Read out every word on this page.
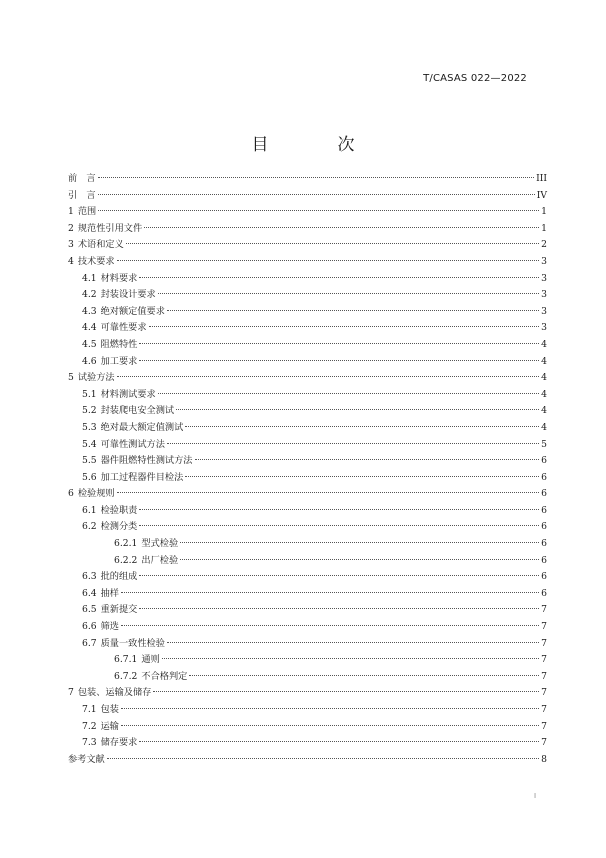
T/CASAS 022—2022
目　次
前　言	III
引　言	IV
1 范围	1
2 规范性引用文件	1
3 术语和定义	2
4 技术要求	3
4.1 材料要求	3
4.2 封装设计要求	3
4.3 绝对额定值要求	3
4.4 可靠性要求	3
4.5 阻燃特性	4
4.6 加工要求	4
5 试验方法	4
5.1 材料测试要求	4
5.2 封装爬电安全测试	4
5.3 绝对最大额定值测试	4
5.4 可靠性测试方法	5
5.5 器件阻燃特性测试方法	6
5.6 加工过程器件目检法	6
6 检验规则	6
6.1 检验职责	6
6.2 检测分类	6
6.2.1 型式检验	6
6.2.2 出厂检验	6
6.3 批的组成	6
6.4 抽样	6
6.5 重新提交	7
6.6 筛选	7
6.7 质量一致性检验	7
6.7.1 通则	7
6.7.2 不合格判定	7
7 包装、运输及储存	7
7.1 包装	7
7.2 运输	7
7.3 储存要求	7
参考文献	8
I
